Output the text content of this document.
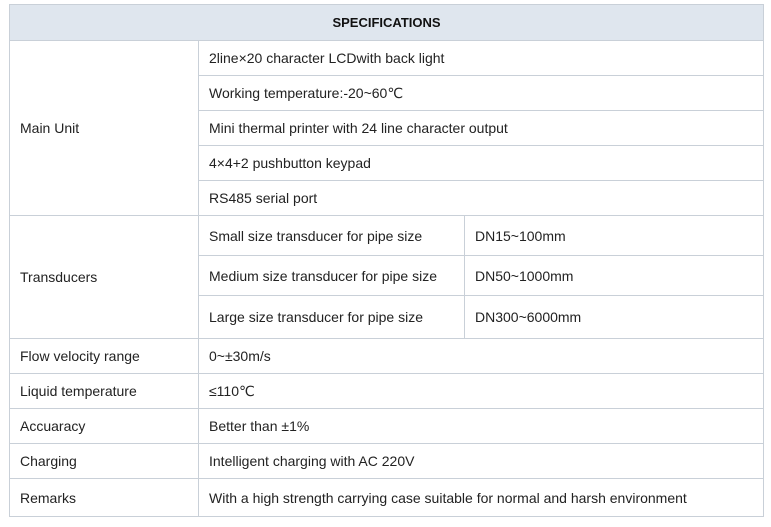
SPECIFICATIONS		
Main Unit	2line×20 character LCDwith back light	
	Working temperature:-20~60℃	
	Mini thermal printer with 24 line character output	
	4×4+2 pushbutton keypad	
	RS485 serial port	
Transducers	Small size transducer for pipe size	DN15~100mm
	Medium size transducer for pipe size	DN50~1000mm
	Large size transducer for pipe size	DN300~6000mm
Flow velocity range	0~±30m/s	
Liquid temperature	≤110℃	
Accuaracy	Better than ±1%	
Charging	Intelligent charging with AC 220V	
Remarks	With a high strength carrying case suitable for normal and harsh environment	
